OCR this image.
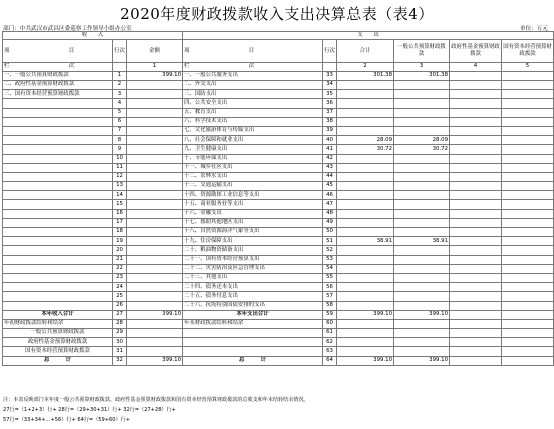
2020年度财政拨款收入支出决算总表（表4）
部门：中共武汉市武昌区委巡察工作领导小组办公室	单位：万元
收　　入			支　　出					
项　　　　　　　　　　　目	行次	金额	项　　　　　　　　　　　目	行次	合计	一般公共预算财政拨款	政府性基金预算财政拨款	国有资本经营预算财政拨款
栏　　　　　　　　　　　次		1	栏　　　　　　　　　　　次		2	3	4	5
一、一般公共预算财政拨款	1	399.10	一、一般公共服务支出	33	301.38	301.38		
二、政府性基金预算财政拨款	2		二、外交支出	34				
三、国有资本经营预算财政拨款	3		三、国防支出	35				
	4		四、公共安全支出	36				
	5		五、教育支出	37				
	6		六、科学技术支出	38				
	7		七、文化旅游体育与传媒支出	39				
	8		八、社会保障和就业支出	40	28.09	28.09		
	9		九、卫生健康支出	41	30.72	30.72		
	10		十、节能环保支出	42				
	11		十一、城乡社区支出	43				
	12		十二、农林水支出	44				
	13		十三、交通运输支出	45				
	14		十四、资源勘探工业信息等支出	46				
	15		十五、商业服务业等支出	47				
	16		十六、金融支出	48				
	17		十七、援助其他地区支出	49				
	18		十八、自然资源海洋气象等支出	50				
	19		十九、住房保障支出	51	38.91	38.91		
	20		二十、粮油物资储备支出	52				
	21		二十一、国有资本经营预算支出	53				
	22		二十二、灾害防治及应急管理支出	54				
	23		二十三、其他支出	55				
	24		二十四、债务还本支出	56				
	25		二十五、债务付息支出	57				
	26		二十六、抗疫特别国债安排的支出	58				
本年收入合计	27	399.10	本年支出合计	59	399.10	399.10		
年初财政拨款结转和结余	28		年末财政拨款结转和结余	60				
一般公共预算财政拨款	29			61				
政府性基金预算财政拨款	30			62				
国有资本经营预算财政拨款	31			63				
总　　　计	32	399.10	总　　　计	64	399.10	399.10		
注：本表反映部门本年度一般公共预算财政拨款、政府性基金预算财政拨款和国有资本经营预算财政拨款的总收支和年末结转结余情况。
27行=（1+2+3）行+ 28行=（29+30+31）行+ 32行=（27+28）行+
57行=（33+34+…+56）行+ 64行=（59+60）行+
